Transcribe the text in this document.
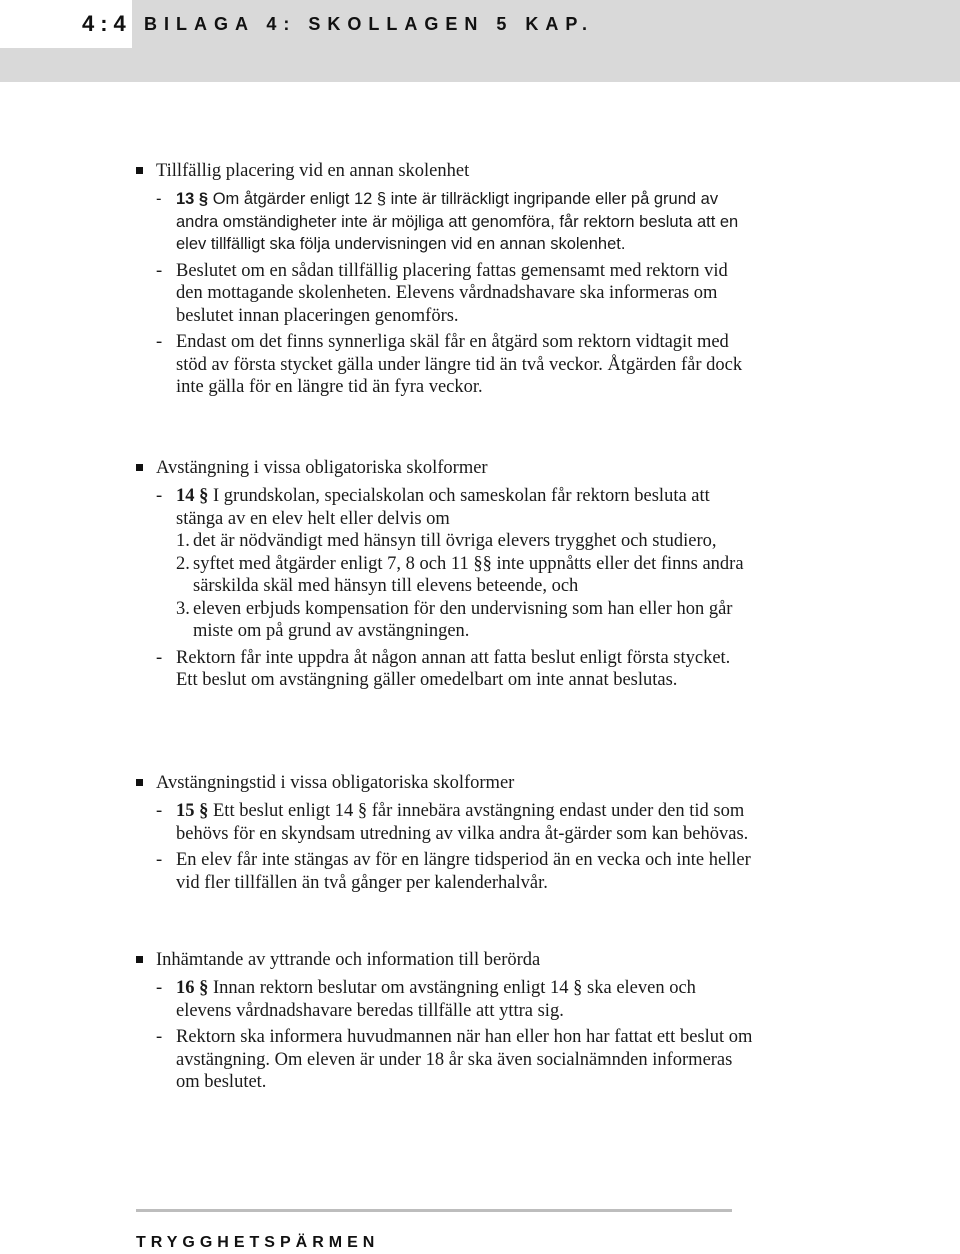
4:4 BILAGA 4: SKOLLAGEN 5 KAP.
Tillfällig placering vid en annan skolenhet
- 13 § Om åtgärder enligt 12 § inte är tillräckligt ingripande eller på grund av andra omständigheter inte är möjliga att genomföra, får rektorn besluta att en elev tillfälligt ska följa undervisningen vid en annan skolenhet.
- Beslutet om en sådan tillfällig placering fattas gemensamt med rektorn vid den mottagande skolenheten. Elevens vårdnadshavare ska informeras om beslutet innan placeringen genomförs.
- Endast om det finns synnerliga skäl får en åtgärd som rektorn vidtagit med stöd av första stycket gälla under längre tid än två veckor. Åtgärden får dock inte gälla för en längre tid än fyra veckor.
Avstängning i vissa obligatoriska skolformer
- 14 § I grundskolan, specialskolan och sameskolan får rektorn besluta att stänga av en elev helt eller delvis om
1. det är nödvändigt med hänsyn till övriga elevers trygghet och studiero,
2. syftet med åtgärder enligt 7, 8 och 11 §§ inte uppnåtts eller det finns andra särskilda skäl med hänsyn till elevens beteende, och
3. eleven erbjuds kompensation för den undervisning som han eller hon går miste om på grund av avstängningen.
- Rektorn får inte uppdra åt någon annan att fatta beslut enligt första stycket. Ett beslut om avstängning gäller omedelbart om inte annat beslutas.
Avstängningstid i vissa obligatoriska skolformer
- 15 § Ett beslut enligt 14 § får innebära avstängning endast under den tid som behövs för en skyndsam utredning av vilka andra åt-gärder som kan behövas.
- En elev får inte stängas av för en längre tidsperiod än en vecka och inte heller vid fler tillfällen än två gånger per kalenderhalvår.
Inhämtande av yttrande och information till berörda
- 16 § Innan rektorn beslutar om avstängning enligt 14 § ska eleven och elevens vårdnadshavare beredas tillfälle att yttra sig.
- Rektorn ska informera huvudmannen när han eller hon har fattat ett beslut om avstängning. Om eleven är under 18 år ska även socialnämnden informeras om beslutet.
TRYGGHETSPÄRMEN
